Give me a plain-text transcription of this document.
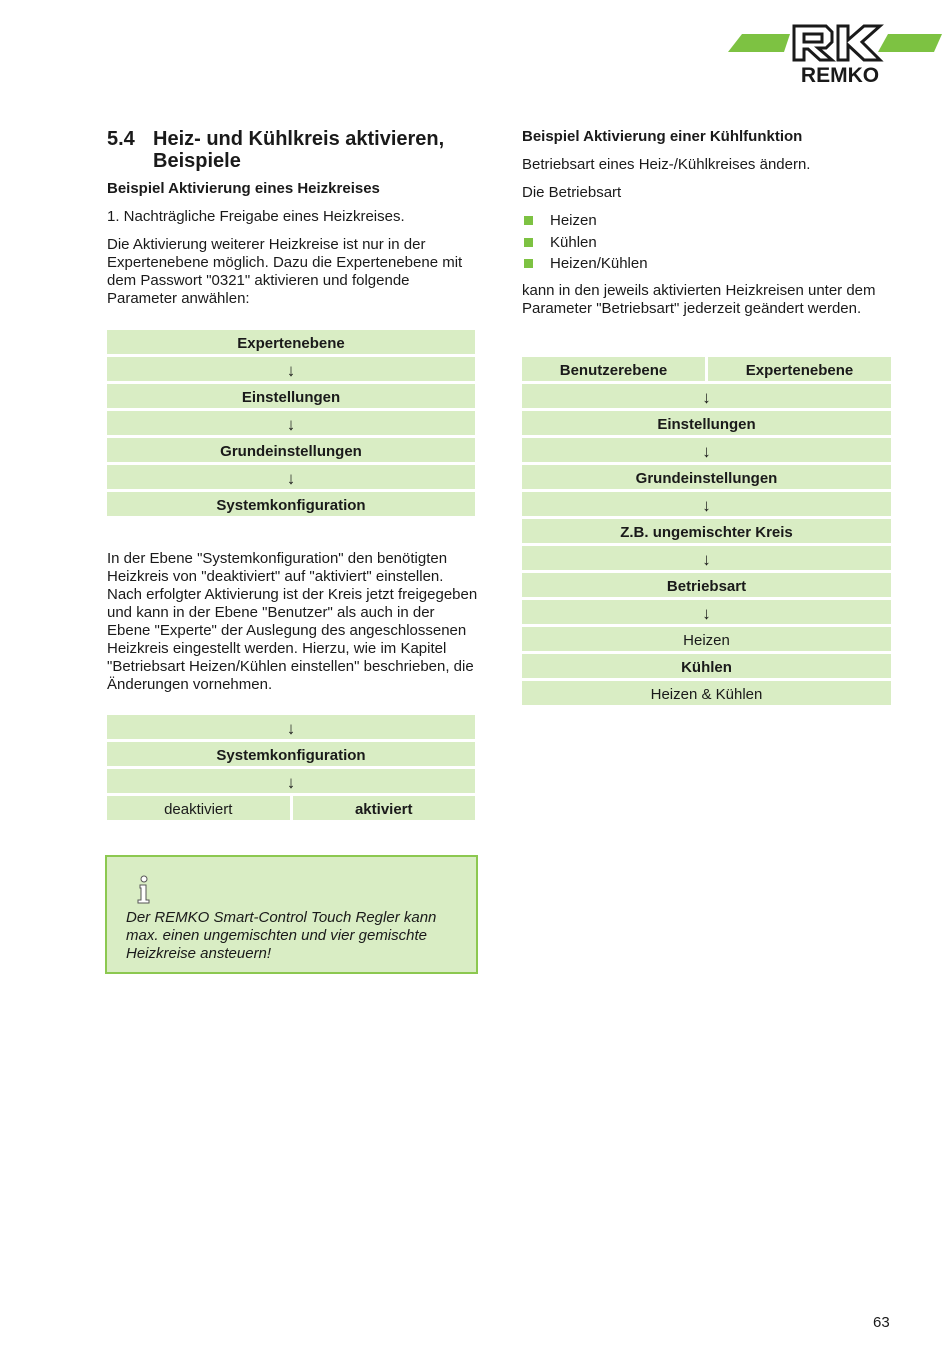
REMKO
5.4 Heiz- und Kühlkreis aktivieren, Beispiele
Beispiel Aktivierung eines Heizkreises

1. Nachträgliche Freigabe eines Heizkreises.

Die Aktivierung weiterer Heizkreise ist nur in der Expertenebene möglich. Dazu die Expertenebene mit dem Passwort "0321" aktivieren und folgende Parameter anwählen:

Expertenebene
↓
Einstellungen
↓
Grundeinstellungen
↓
Systemkonfiguration

In der Ebene "Systemkonfiguration" den benötigten Heizkreis von "deaktiviert" auf "aktiviert" einstellen. Nach erfolgter Aktivierung ist der Kreis jetzt freigegeben und kann in der Ebene "Benutzer" als auch in der Ebene "Experte" der Auslegung des angeschlossenen Heizkreis eingestellt werden. Hierzu, wie im Kapitel "Betriebsart Heizen/Kühlen einstellen" beschrieben, die Änderungen vornehmen.

↓
Systemkonfiguration
↓
deaktiviert	aktiviert
Der REMKO Smart-Control Touch Regler kann max. einen ungemischten und vier gemischte Heizkreise ansteuern!
Beispiel Aktivierung einer Kühlfunktion

Betriebsart eines Heiz-/Kühlkreises ändern.

Die Betriebsart

Heizen
Kühlen
Heizen/Kühlen

kann in den jeweils aktivierten Heizkreisen unter dem Parameter "Betriebsart" jederzeit geändert werden.

Benutzerebene	Expertenebene
↓
Einstellungen
↓
Grundeinstellungen
↓
Z.B. ungemischter Kreis
↓
Betriebsart
↓
Heizen
Kühlen
Heizen & Kühlen
63
